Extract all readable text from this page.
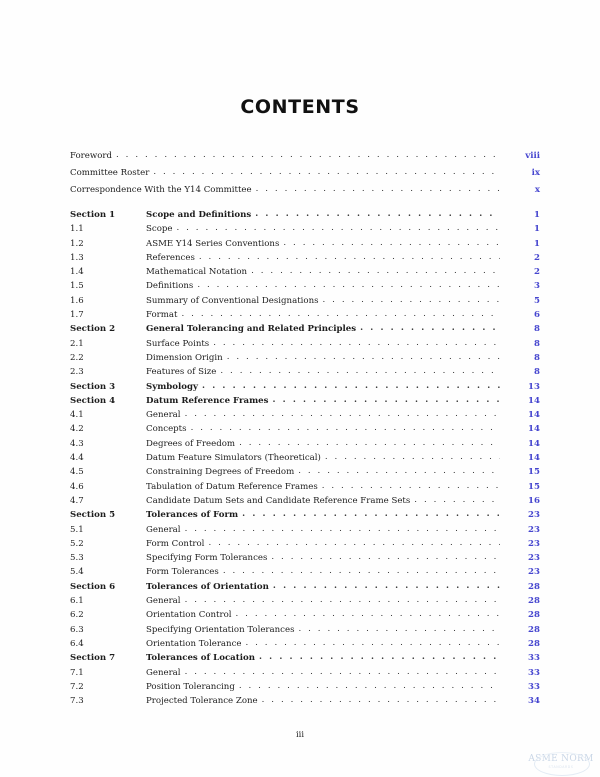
CONTENTS
Foreword . . .	viii
Committee Roster . . .	ix
Correspondence With the Y14 Committee . . .	x
Section 1	Scope and Definitions . . .	1
1.1	Scope . . .	1
1.2	ASME Y14 Series Conventions . . .	1
1.3	References . . .	2
1.4	Mathematical Notation . . .	2
1.5	Definitions . . .	3
1.6	Summary of Conventional Designations . . .	5
1.7	Format . . .	6
Section 2	General Tolerancing and Related Principles . . .	8
2.1	Surface Points . . .	8
2.2	Dimension Origin . . .	8
2.3	Features of Size . . .	8
Section 3	Symbology . . .	13
Section 4	Datum Reference Frames . . .	14
4.1	General . . .	14
4.2	Concepts . . .	14
4.3	Degrees of Freedom . . .	14
4.4	Datum Feature Simulators (Theoretical) . . .	14
4.5	Constraining Degrees of Freedom . . .	15
4.6	Tabulation of Datum Reference Frames . . .	15
4.7	Candidate Datum Sets and Candidate Reference Frame Sets . . .	16
Section 5	Tolerances of Form . . .	23
5.1	General . . .	23
5.2	Form Control . . .	23
5.3	Specifying Form Tolerances . . .	23
5.4	Form Tolerances . . .	23
Section 6	Tolerances of Orientation . . .	28
6.1	General . . .	28
6.2	Orientation Control . . .	28
6.3	Specifying Orientation Tolerances . . .	28
6.4	Orientation Tolerance . . .	28
Section 7	Tolerances of Location . . .	33
7.1	General . . .	33
7.2	Position Tolerancing . . .	33
7.3	Projected Tolerance Zone . . .	34
iii
ASME NORM
STANDARDS
